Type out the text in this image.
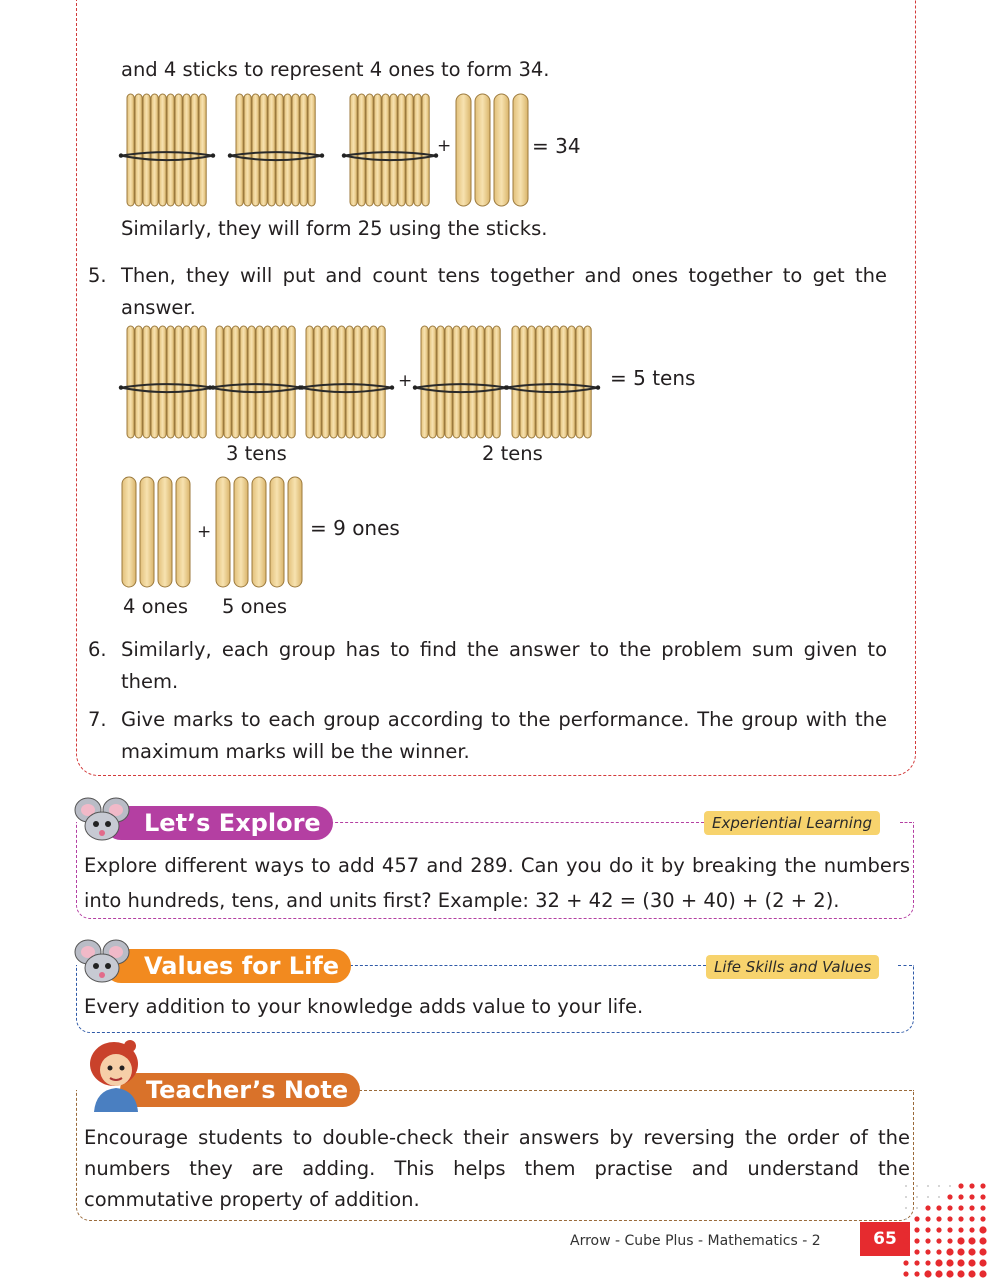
and 4 sticks to represent 4 ones to form 34.
+	= 34
Similarly, they will form 25 using the sticks.
5. Then, they will put and count tens together and ones together to get the answer.
+	= 5 tens
3 tens	2 tens
+	= 9 ones
4 ones 5 ones
6. Similarly, each group has to find the answer to the problem sum given to them.
7. Give marks to each group according to the performance. The group with the maximum marks will be the winner.
Let’s Explore	Experiential Learning
Explore different ways to add 457 and 289. Can you do it by breaking the numbers into hundreds, tens, and units first? Example: 32 + 42 = (30 + 40) + (2 + 2).
Values for Life	Life Skills and Values
Every addition to your knowledge adds value to your life.
Teacher’s Note
Encourage students to double-check their answers by reversing the order of the numbers they are adding. This helps them practise and understand the commutative property of addition.
Arrow - Cube Plus - Mathematics - 2	65
